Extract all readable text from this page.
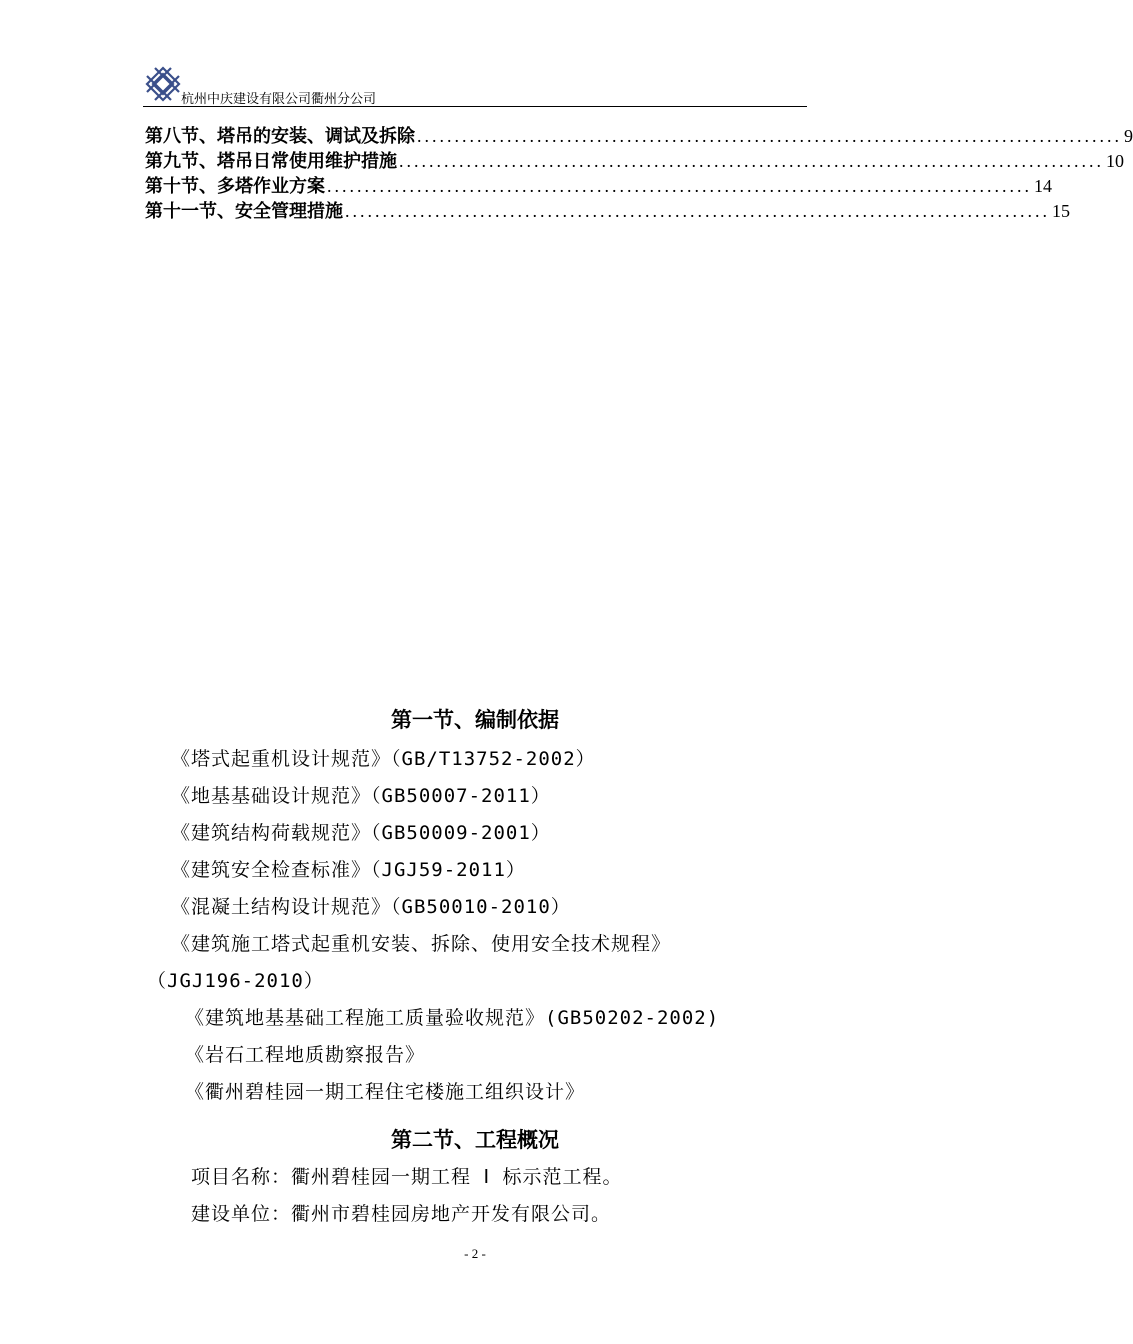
杭州中庆建设有限公司衢州分公司
第八节、塔吊的安装、调试及拆除 .............................................................................................. 9
第九节、塔吊日常使用维护措施 .............................................................................................. 10
第十节、多塔作业方案 .............................................................................................. 14
第十一节、安全管理措施 .............................................................................................. 15
第一节、编制依据
《塔式起重机设计规范》（GB/T13752-2002）
《地基基础设计规范》（GB50007-2011）
《建筑结构荷载规范》（GB50009-2001）
《建筑安全检查标准》（JGJ59-2011）
《混凝土结构设计规范》（GB50010-2010）
《建筑施工塔式起重机安装、拆除、使用安全技术规程》
（JGJ196-2010）
《建筑地基基础工程施工质量验收规范》(GB50202-2002)
《岩石工程地质勘察报告》
《衢州碧桂园一期工程住宅楼施工组织设计》
第二节、工程概况
项目名称：衢州碧桂园一期工程 Ⅰ 标示范工程。
建设单位：衢州市碧桂园房地产开发有限公司。
- 2 -
